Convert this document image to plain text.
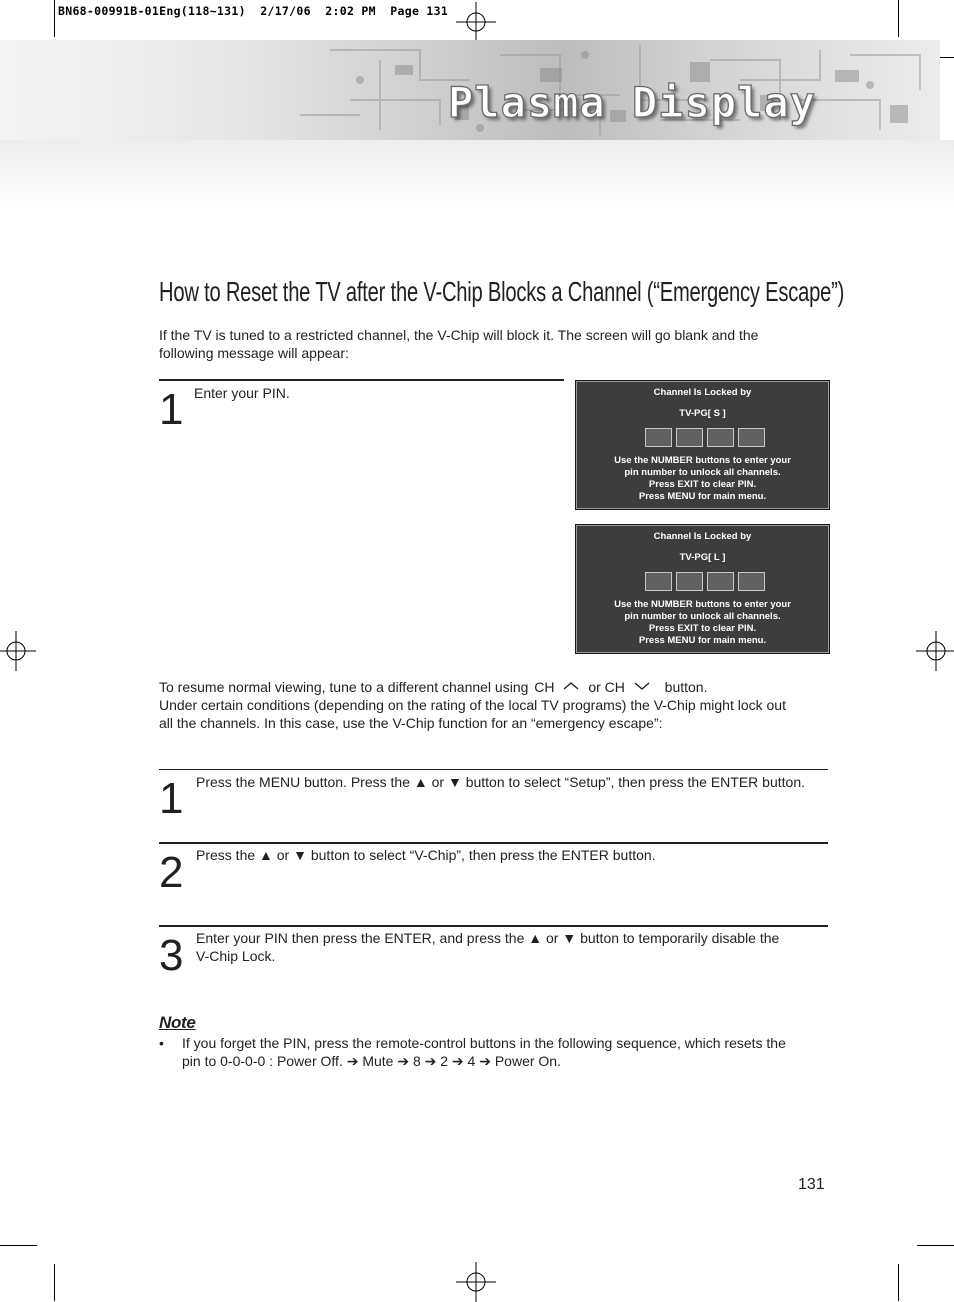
BN68-00991B-01Eng(118~131)  2/17/06  2:02 PM  Page 131
Plasma Display
How to Reset the TV after the V-Chip Blocks a Channel (“Emergency Escape”)
If the TV is tuned to a restricted channel, the V-Chip will block it. The screen will go blank and the
following message will appear:
1 Enter your PIN.	Channel Is Locked by
TV-PG[ S ]
Use the NUMBER buttons to enter your
pin number to unlock all channels.
Press EXIT to clear PIN.
Press MENU for main menu.
Channel Is Locked by
TV-PG[ L ]
Use the NUMBER buttons to enter your
pin number to unlock all channels.
Press EXIT to clear PIN.
Press MENU for main menu.
To resume normal viewing, tune to a different channel using CH or CH	button.
Under certain conditions (depending on the rating of the local TV programs) the V-Chip might lock out
all the channels. In this case, use the V-Chip function for an “emergency escape”:
1 Press the MENU button. Press the ▲ or ▼ button to select “Setup”, then press the ENTER button.
2 Press the ▲ or ▼ button to select “V-Chip”, then press the ENTER button.
3 Enter your PIN then press the ENTER, and press the ▲ or ▼ button to temporarily disable the
V-Chip Lock.
Note
• If you forget the PIN, press the remote-control buttons in the following sequence, which resets the
pin to 0-0-0-0 : Power Off. ➔ Mute ➔ 8 ➔ 2 ➔ 4 ➔ Power On.
131
